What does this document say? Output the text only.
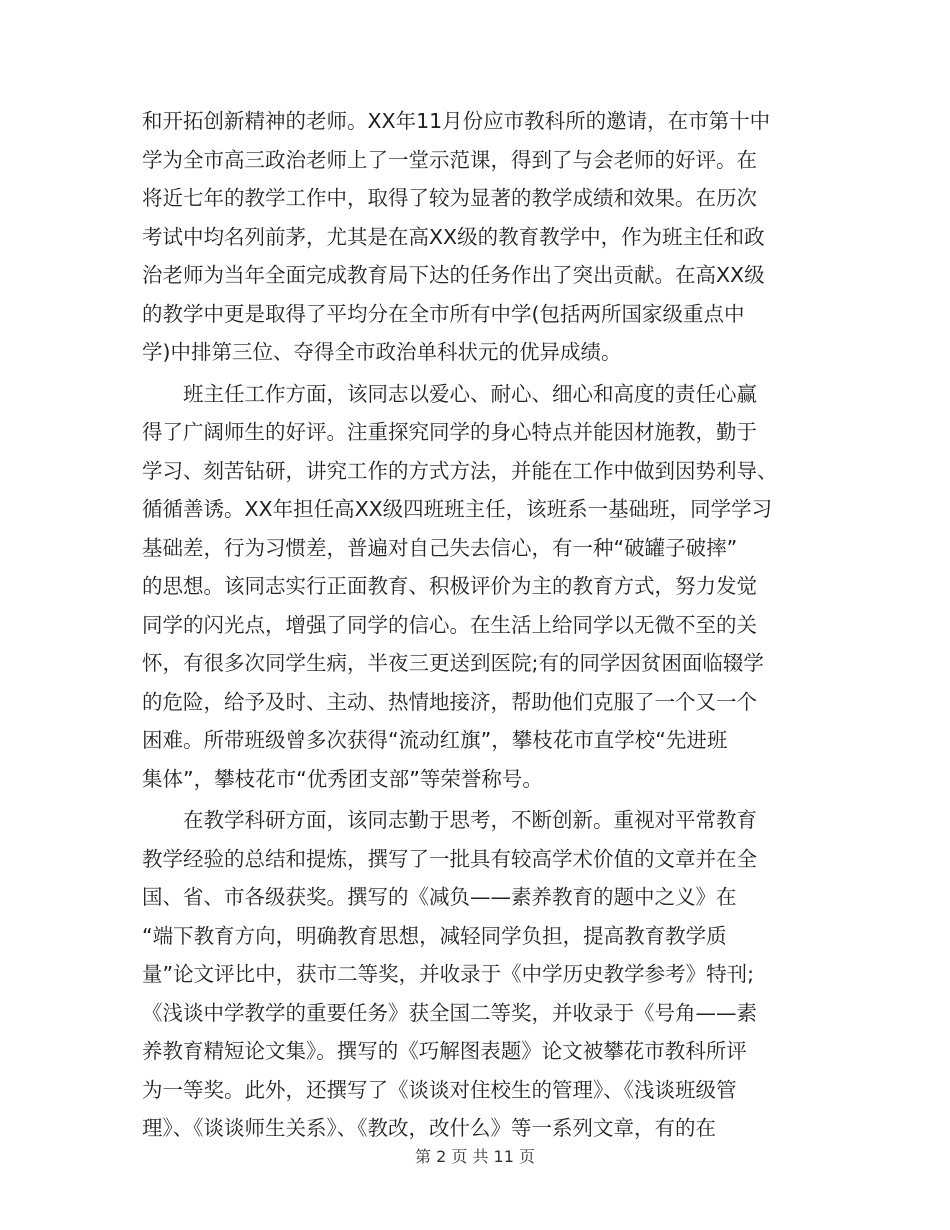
和开拓创新精神的老师。XX年11月份应市教科所的邀请，在市第十中
学为全市高三政治老师上了一堂示范课，得到了与会老师的好评。在
将近七年的教学工作中，取得了较为显著的教学成绩和效果。在历次
考试中均名列前茅，尤其是在高XX级的教育教学中，作为班主任和政
治老师为当年全面完成教育局下达的任务作出了突出贡献。在高XX级
的教学中更是取得了平均分在全市所有中学(包括两所国家级重点中
学)中排第三位、夺得全市政治单科状元的优异成绩。
班主任工作方面，该同志以爱心、耐心、细心和高度的责任心赢
得了广阔师生的好评。注重探究同学的身心特点并能因材施教，勤于
学习、刻苦钻研，讲究工作的方式方法，并能在工作中做到因势利导、
循循善诱。XX年担任高XX级四班班主任，该班系一基础班，同学学习
基础差，行为习惯差，普遍对自己失去信心，有一种“破罐子破摔”
的思想。该同志实行正面教育、积极评价为主的教育方式，努力发觉
同学的闪光点，增强了同学的信心。在生活上给同学以无微不至的关
怀，有很多次同学生病，半夜三更送到医院;有的同学因贫困面临辍学
的危险，给予及时、主动、热情地接济，帮助他们克服了一个又一个
困难。所带班级曾多次获得“流动红旗”，攀枝花市直学校“先进班
集体”，攀枝花市“优秀团支部”等荣誉称号。
在教学科研方面，该同志勤于思考，不断创新。重视对平常教育
教学经验的总结和提炼，撰写了一批具有较高学术价值的文章并在全
国、省、市各级获奖。撰写的《减负——素养教育的题中之义》在
“端下教育方向，明确教育思想，减轻同学负担，提高教育教学质
量”论文评比中，获市二等奖，并收录于《中学历史教学参考》特刊;
《浅谈中学教学的重要任务》获全国二等奖，并收录于《号角——素
养教育精短论文集》。撰写的《巧解图表题》论文被攀花市教科所评
为一等奖。此外，还撰写了《谈谈对住校生的管理》、《浅谈班级管
理》、《谈谈师生关系》、《教改，改什么》等一系列文章，有的在
第 2 页 共 11 页
